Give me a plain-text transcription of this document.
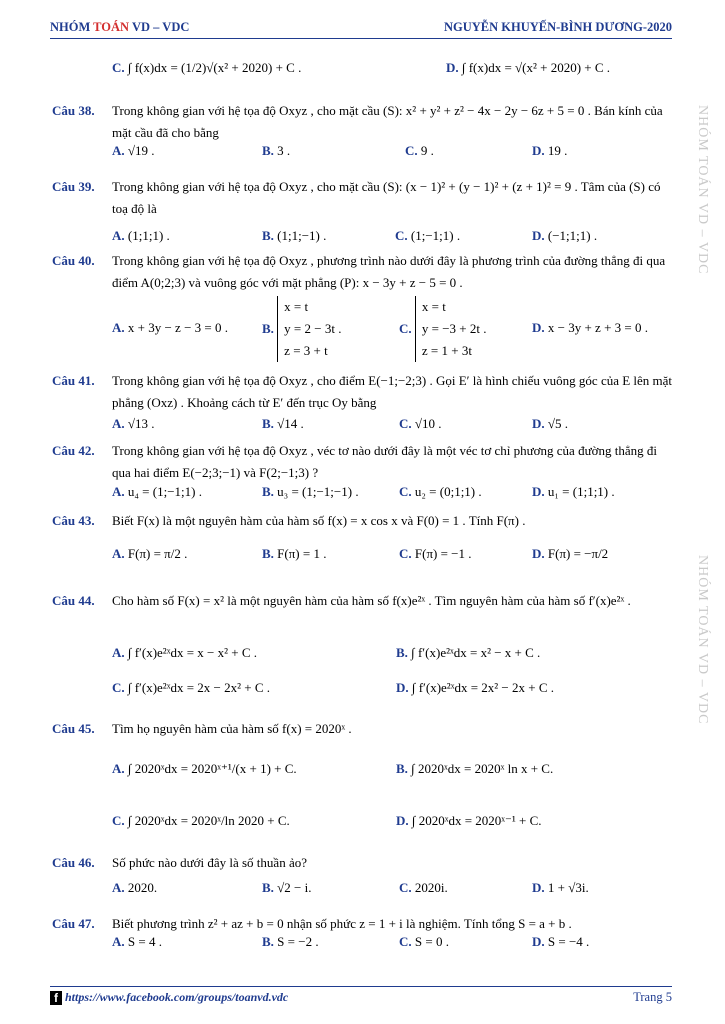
NHÓM TOÁN VD – VDC	NGUYỄN KHUYẾN-BÌNH DƯƠNG-2020
NHÓM TOÁN VD – VDC
NHÓM TOÁN VD – VDC
C. ∫ f(x)dx = (1/2)√(x² + 2020) + C .	D. ∫ f(x)dx = √(x² + 2020) + C .
Câu 38. Trong không gian với hệ tọa độ Oxyz , cho mặt cầu (S): x² + y² + z² − 4x − 2y − 6z + 5 = 0 . Bán kính của mặt cầu đã cho bằng
A. √19 .	B. 3 .	C. 9 .	D. 19 .
Câu 39. Trong không gian với hệ tọa độ Oxyz , cho mặt cầu (S): (x − 1)² + (y − 1)² + (z + 1)² = 9 . Tâm của (S) có toạ độ là
A. (1;1;1) .	B. (1;1;−1) .	C. (1;−1;1) .	D. (−1;1;1) .
Câu 40. Trong không gian với hệ tọa độ Oxyz , phương trình nào dưới đây là phương trình của đường thẳng đi qua điểm A(0;2;3) và vuông góc với mặt phẳng (P): x − 3y + z − 5 = 0 .
A. x + 3y − z − 3 = 0 .	B. x = t
y = 2 − 3t .
z = 3 + t
C. x = t
y = −3 + 2t .
z = 1 + 3t
D. x − 3y + z + 3 = 0 .
Câu 41. Trong không gian với hệ tọa độ Oxyz , cho điểm E(−1;−2;3) . Gọi E′ là hình chiếu vuông góc của E lên mặt phẳng (Oxz) . Khoảng cách từ E′ đến trục Oy bằng
A. √13 .	B. √14 .	C. √10 .	D. √5 .
Câu 42. Trong không gian với hệ tọa độ Oxyz , véc tơ nào dưới đây là một véc tơ chỉ phương của đường thẳng đi qua hai điểm E(−2;3;−1) và F(2;−1;3) ?
A. u₄ = (1;−1;1) .	B. u₃ = (1;−1;−1) .	C. u₂ = (0;1;1) .	D. u₁ = (1;1;1) .
Câu 43. Biết F(x) là một nguyên hàm của hàm số f(x) = x cos x và F(0) = 1 . Tính F(π) .
A. F(π) = π/2 .	B. F(π) = 1 .	C. F(π) = −1 .	D. F(π) = −π/2
Câu 44. Cho hàm số F(x) = x² là một nguyên hàm của hàm số f(x)e²ˣ . Tìm nguyên hàm của hàm số f′(x)e²ˣ .
A. ∫ f′(x)e²ˣdx = x − x² + C .	B. ∫ f′(x)e²ˣdx = x² − x + C .
C. ∫ f′(x)e²ˣdx = 2x − 2x² + C .	D. ∫ f′(x)e²ˣdx = 2x² − 2x + C .
Câu 45. Tìm họ nguyên hàm của hàm số f(x) = 2020ˣ .
A. ∫ 2020ˣdx = 2020ˣ⁺¹/(x + 1) + C.	B. ∫ 2020ˣdx = 2020ˣ ln x + C.
C. ∫ 2020ˣdx = 2020ˣ/ln 2020 + C.	D. ∫ 2020ˣdx = 2020ˣ⁻¹ + C.
Câu 46. Số phức nào dưới đây là số thuần ảo?
A. 2020.	B. √2 − i.	C. 2020i.	D. 1 + √3i.
Câu 47. Biết phương trình z² + az + b = 0 nhận số phức z = 1 + i là nghiệm. Tính tổng S = a + b .
A. S = 4 .	B. S = −2 .	C. S = 0 .	D. S = −4 .
f https://www.facebook.com/groups/toanvd.vdc	Trang 5
